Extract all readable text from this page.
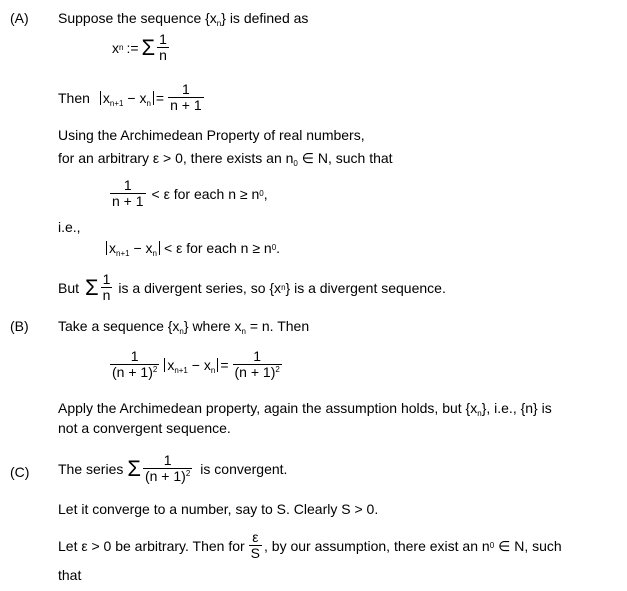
(A)
(B)
(C)
Suppose the sequence $\{x_n\}$ is defined as
x n := Σ $\frac{1}{n}$
Then $x_{n+1} - x_n = \frac{1}{n + 1}$
Using the Archimedean Property of real numbers,
for an arbitrary ε > 0, there exists an $n_0$ ∈ N, such that
$\frac{1}{n + 1} < \varepsilon$ for each n ≥ n 0 ,
i.e.,
$x_{n+1} - x_n < \varepsilon$ for each n ≥ n 0 .
But Σ $\frac{1}{n}$ is a divergent series, so {x n } is a divergent sequence.
Take a sequence $\{x_n\}$ where $x_n = n$. Then
$\frac{1}{(n + 1)^2} x_{n+1} - x_n = \frac{1}{(n + 1)^2}$
Apply the Archimedean property, again the assumption holds, but $\{x_n\}$, i.e., {n} is
not a convergent sequence.
The series Σ $\frac{1}{(n + 1)^2}$ is convergent.
Let it converge to a number, say to S. Clearly S > 0.
Let ε > 0 be arbitrary. Then for $\frac{\varepsilon}{S}$ , by our assumption, there exist an n 0 ∈ N, such
that
